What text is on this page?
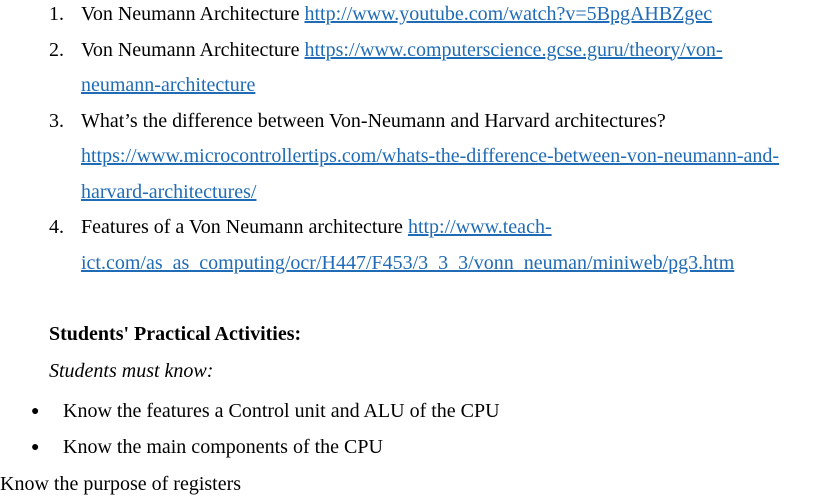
1. Von Neumann Architecture http://www.youtube.com/watch?v=5BpgAHBZgec
2. Von Neumann Architecture https://www.computerscience.gcse.guru/theory/von-neumann-architecture
3. What’s the difference between Von-Neumann and Harvard architectures? https://www.microcontrollertips.com/whats-the-difference-between-von-neumann-and-harvard-architectures/
4. Features of a Von Neumann architecture http://www.teach-ict.com/as_as_computing/ocr/H447/F453/3_3_3/vonn_neuman/miniweb/pg3.htm
Students' Practical Activities:
Students must know:
● Know the features a Control unit and ALU of the CPU
● Know the main components of the CPU
Know the purpose of registers
